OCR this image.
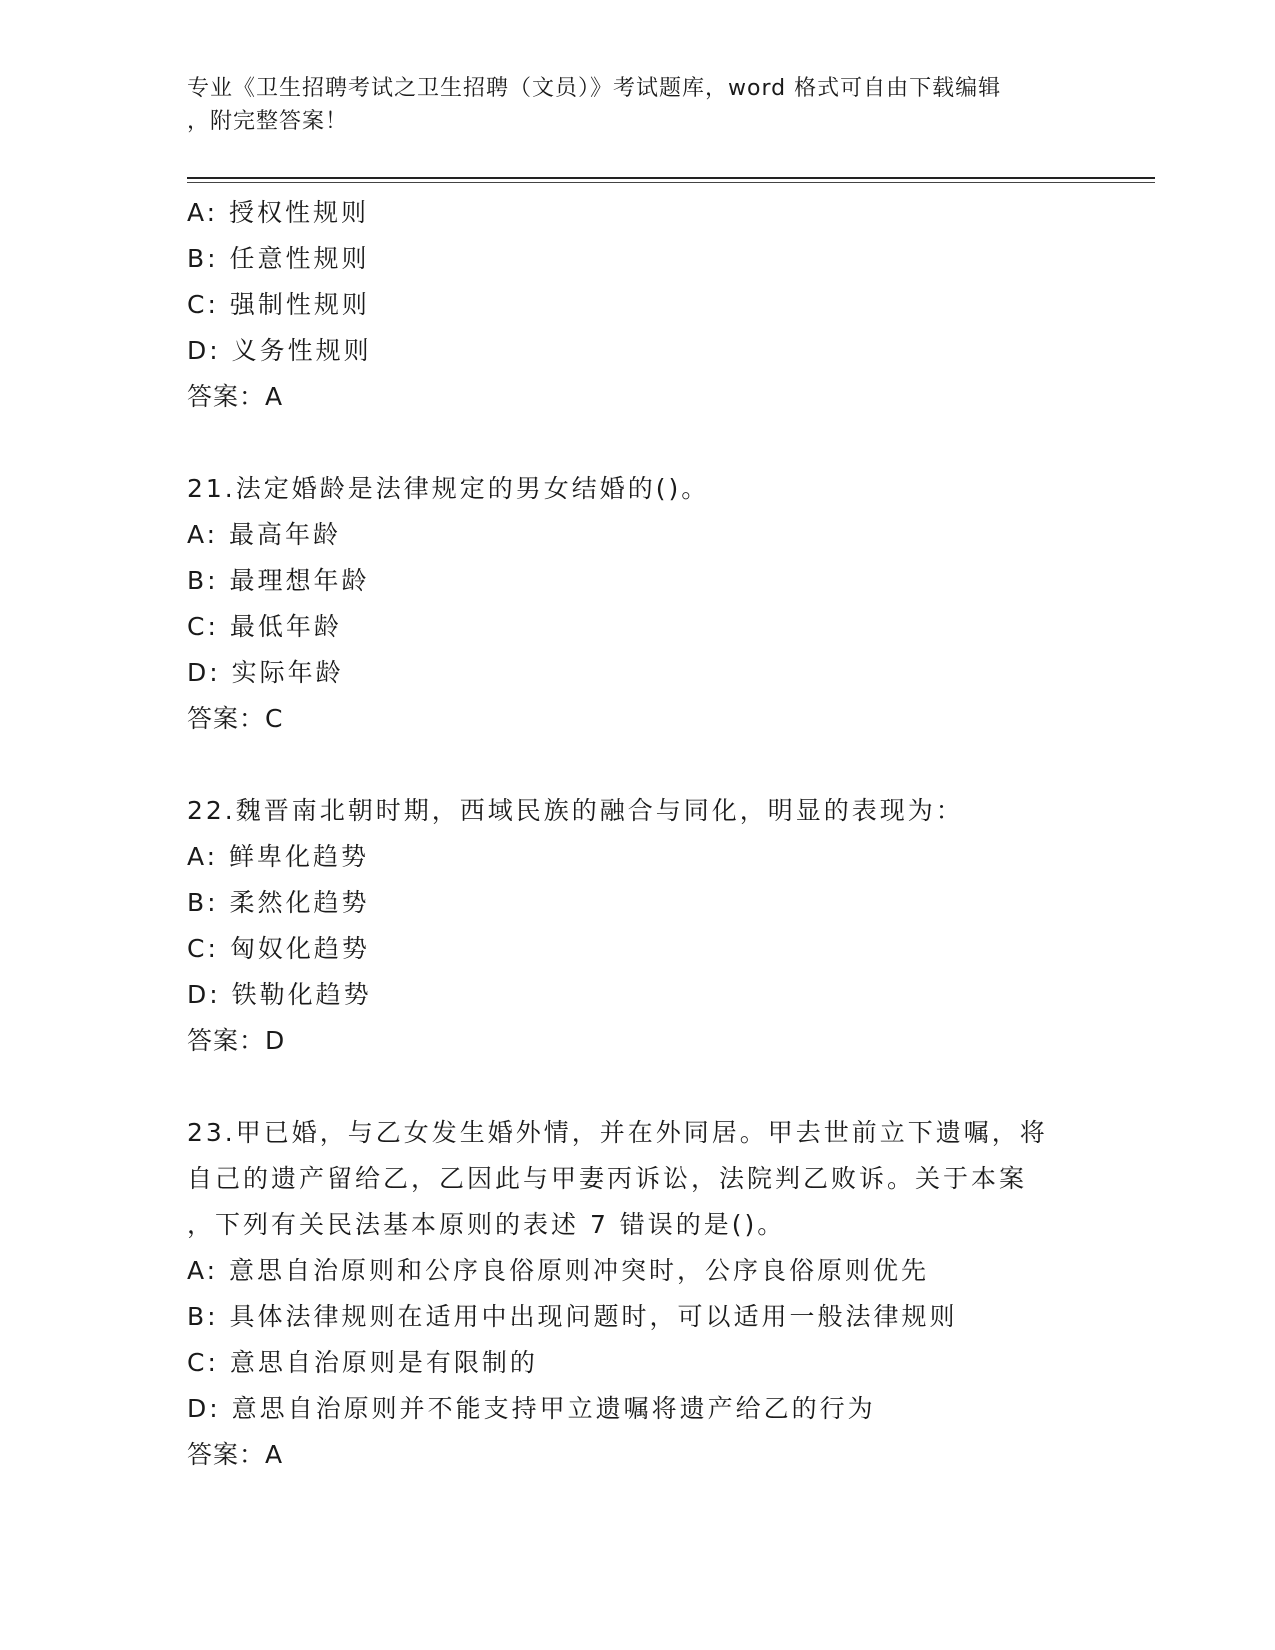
专业《卫生招聘考试之卫生招聘（文员）》考试题库，word 格式可自由下载编辑
，附完整答案！
A: 授权性规则
B: 任意性规则
C: 强制性规则
D: 义务性规则
答案：A
21.法定婚龄是法律规定的男女结婚的()。
A: 最高年龄
B: 最理想年龄
C: 最低年龄
D: 实际年龄
答案：C
22.魏晋南北朝时期，西域民族的融合与同化，明显的表现为：
A: 鲜卑化趋势
B: 柔然化趋势
C: 匈奴化趋势
D: 铁勒化趋势
答案：D
23.甲已婚，与乙女发生婚外情，并在外同居。甲去世前立下遗嘱，将
自己的遗产留给乙，乙因此与甲妻丙诉讼，法院判乙败诉。关于本案
，下列有关民法基本原则的表述 7 错误的是()。
A: 意思自治原则和公序良俗原则冲突时，公序良俗原则优先
B: 具体法律规则在适用中出现问题时，可以适用一般法律规则
C: 意思自治原则是有限制的
D: 意思自治原则并不能支持甲立遗嘱将遗产给乙的行为
答案：A
